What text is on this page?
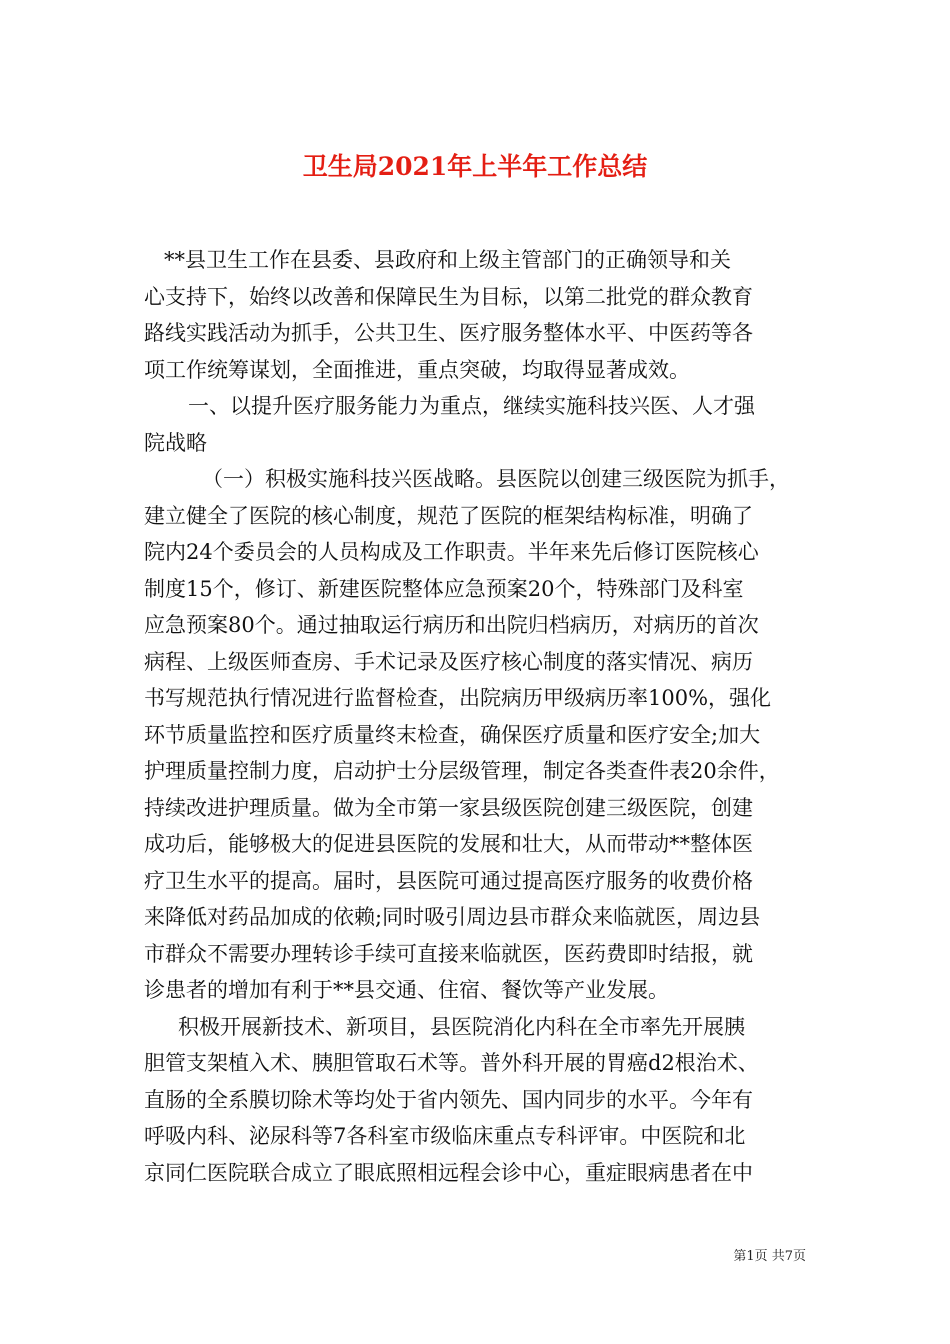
卫生局2021年上半年工作总结
**县卫生工作在县委、县政府和上级主管部门的正确领导和关
心支持下，始终以改善和保障民生为目标，以第二批党的群众教育
路线实践活动为抓手，公共卫生、医疗服务整体水平、中医药等各
项工作统筹谋划，全面推进，重点突破，均取得显著成效。
一、以提升医疗服务能力为重点，继续实施科技兴医、人才强
院战略
（一）积极实施科技兴医战略。县医院以创建三级医院为抓手，
建立健全了医院的核心制度，规范了医院的框架结构标准，明确了
院内24个委员会的人员构成及工作职责。半年来先后修订医院核心
制度15个，修订、新建医院整体应急预案20个，特殊部门及科室
应急预案80个。通过抽取运行病历和出院归档病历，对病历的首次
病程、上级医师查房、手术记录及医疗核心制度的落实情况、病历
书写规范执行情况进行监督检查，出院病历甲级病历率100%，强化
环节质量监控和医疗质量终末检查，确保医疗质量和医疗安全;加大
护理质量控制力度，启动护士分层级管理，制定各类查件表20余件，
持续改进护理质量。做为全市第一家县级医院创建三级医院，创建
成功后，能够极大的促进县医院的发展和壮大，从而带动**整体医
疗卫生水平的提高。届时，县医院可通过提高医疗服务的收费价格
来降低对药品加成的依赖;同时吸引周边县市群众来临就医，周边县
市群众不需要办理转诊手续可直接来临就医，医药费即时结报，就
诊患者的增加有利于**县交通、住宿、餐饮等产业发展。
积极开展新技术、新项目，县医院消化内科在全市率先开展胰
胆管支架植入术、胰胆管取石术等。普外科开展的胃癌d2根治术、
直肠的全系膜切除术等均处于省内领先、国内同步的水平。今年有
呼吸内科、泌尿科等7各科室市级临床重点专科评审。中医院和北
京同仁医院联合成立了眼底照相远程会诊中心，重症眼病患者在中
第1页 共7页
